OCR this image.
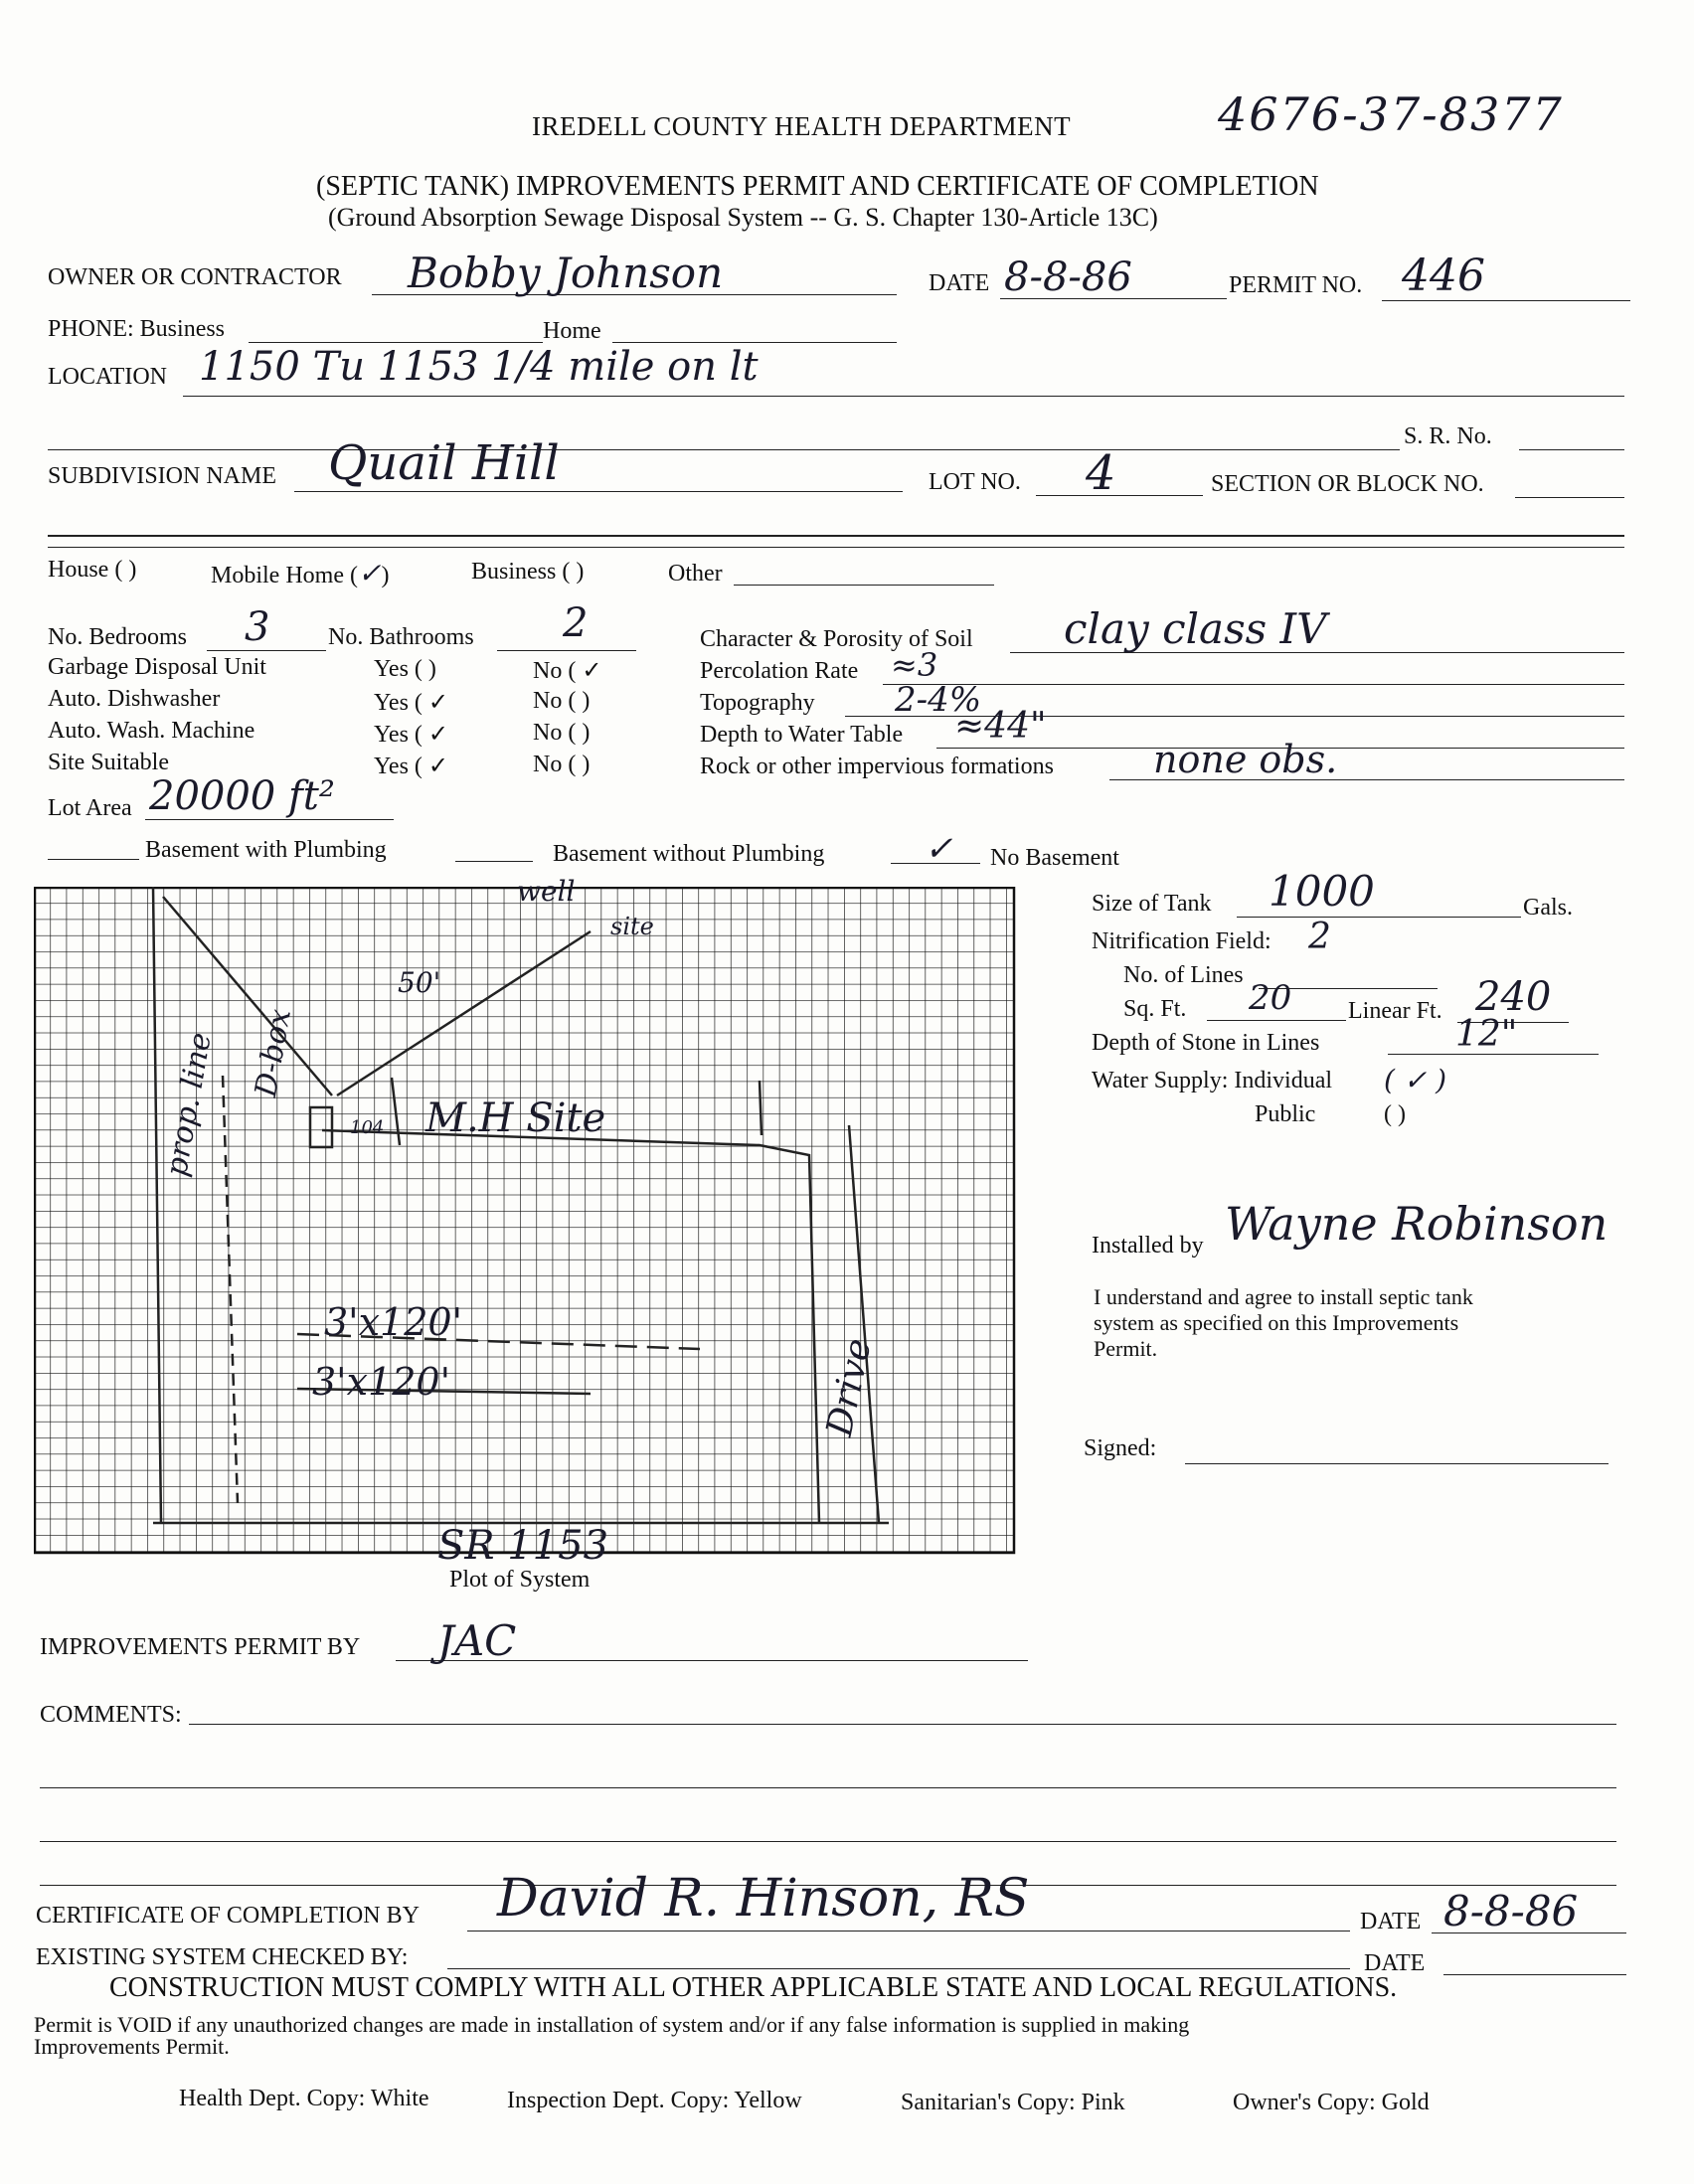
IREDELL COUNTY HEALTH DEPARTMENT	4676-37-8377
(SEPTIC TANK) IMPROVEMENTS PERMIT AND CERTIFICATE OF COMPLETION
(Ground Absorption Sewage Disposal System -- G. S. Chapter 130-Article 13C)
OWNER OR CONTRACTOR Bobby Johnson	DATE 8-8-86	PERMIT NO. 446
PHONE: Business	Home
LOCATION 1150 Tu 1153 1/4 mile on lt
S. R. No.
SUBDIVISION NAME Quail Hill	LOT NO. 4	SECTION OR BLOCK NO.
House ( )	Mobile Home (✓)	Business ( )	Other
No. Bedrooms 3 No. Bathrooms 2
Garbage Disposal Unit	Yes ( )	No ( ✓
Auto. Dishwasher	Yes ( ✓	No ( )
Auto. Wash. Machine	Yes ( ✓	No ( )
Site Suitable	Yes ( ✓	No ( )
Character & Porosity of Soil clay class IV
Percolation Rate ≈3
Topography 2-4%
Depth to Water Table ≈44"
Rock or other impervious formations	none obs.
Lot Area 20000 ft²
Basement with Plumbing	Basement without Plumbing	✓ No Basement
well
site
50'
M.H Site
104
3'x120'
3'x120'
SR 1153
prop. line D-box
Drive
Plot of System
Size of Tank 1000	Gals.
Nitrification Field: 2
No. of Lines
Sq. Ft. 20 Linear Ft. 240
Depth of Stone in Lines	12"
Water Supply: Individual ( ✓ )
Public	( )
Installed by Wayne Robinson
I understand and agree to install septic tank
system as specified on this Improvements
Permit.
Signed:
IMPROVEMENTS PERMIT BY JAC
COMMENTS:
CERTIFICATE OF COMPLETION BY David R. Hinson, RS	DATE 8-8-86
EXISTING SYSTEM CHECKED BY:	DATE
CONSTRUCTION MUST COMPLY WITH ALL OTHER APPLICABLE STATE AND LOCAL REGULATIONS.
Permit is VOID if any unauthorized changes are made in installation of system and/or if any false information is supplied in making
Improvements Permit.
Health Dept. Copy: White	Inspection Dept. Copy: Yellow	Sanitarian's Copy: Pink	Owner's Copy: Gold
